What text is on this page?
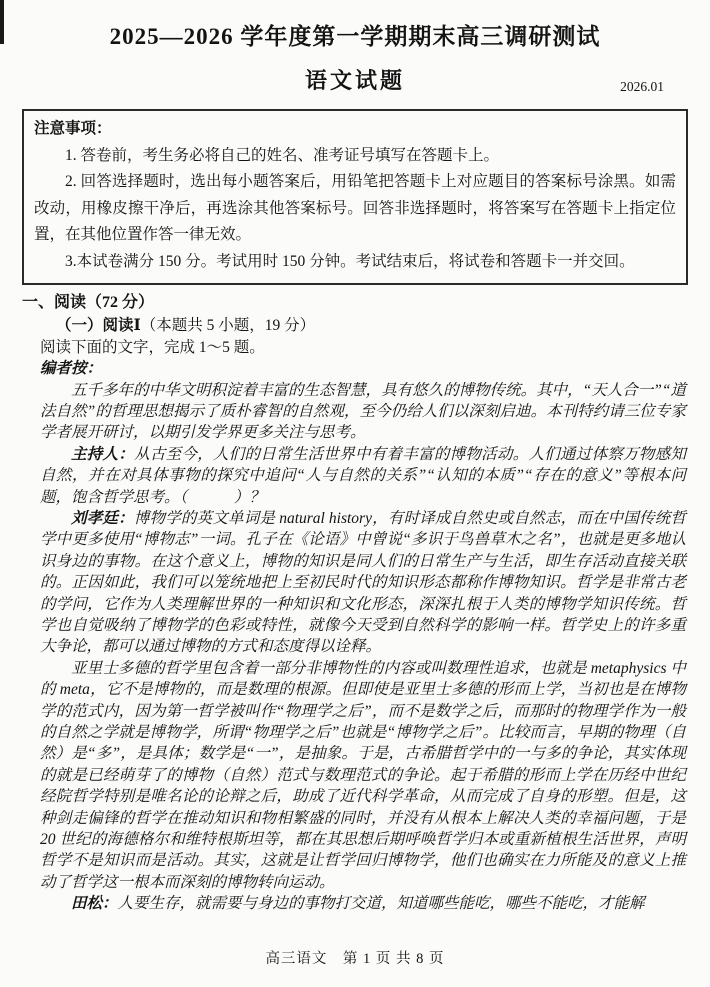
2025—2026 学年度第一学期期末高三调研测试
语文试题	2026.01
注意事项：

1. 答卷前，考生务必将自己的姓名、准考证号填写在答题卡上。

2. 回答选择题时，选出每小题答案后，用铅笔把答题卡上对应题目的答案标号涂黑。如需改动，用橡皮擦干净后，再选涂其他答案标号。回答非选择题时，将答案写在答题卡上指定位置，在其他位置作答一律无效。

3.本试卷满分 150 分。考试用时 150 分钟。考试结束后，将试卷和答题卡一并交回。

一、阅读（72 分）
（一）阅读Ⅰ（本题共 5 小题，19 分）
阅读下面的文字，完成 1～5 题。
编者按：

五千多年的中华文明积淀着丰富的生态智慧，具有悠久的博物传统。其中，“天人合一”“道法自然”的哲理思想揭示了质朴睿智的自然观，至今仍给人们以深刻启迪。本刊特约请三位专家学者展开研讨，以期引发学界更多关注与思考。

主持人：从古至今，人们的日常生活世界中有着丰富的博物活动。人们通过体察万物感知自然，并在对具体事物的探究中追问“人与自然的关系”“认知的本质”“存在的意义”等根本问题，饱含哲学思考。（　　　）？

刘孝廷：博物学的英文单词是 natural history，有时译成自然史或自然志，而在中国传统哲学中更多使用“博物志”一词。孔子在《论语》中曾说“多识于鸟兽草木之名”，也就是更多地认识身边的事物。在这个意义上，博物的知识是同人们的日常生产与生活，即生存活动直接关联的。正因如此，我们可以笼统地把上至初民时代的知识形态都称作博物知识。哲学是非常古老的学问，它作为人类理解世界的一种知识和文化形态，深深扎根于人类的博物学知识传统。哲学也自觉吸纳了博物学的色彩或特性，就像今天受到自然科学的影响一样。哲学史上的许多重大争论，都可以通过博物的方式和态度得以诠释。

亚里士多德的哲学里包含着一部分非博物性的内容或叫数理性追求，也就是 metaphysics 中的 meta，它不是博物的，而是数理的根源。但即使是亚里士多德的形而上学，当初也是在博物学的范式内，因为第一哲学被叫作“物理学之后”，而不是数学之后，而那时的物理学作为一般的自然之学就是博物学，所谓“物理学之后”也就是“博物学之后”。比较而言，早期的物理（自然）是“多”，是具体；数学是“一”，是抽象。于是，古希腊哲学中的一与多的争论，其实体现的就是已经萌芽了的博物（自然）范式与数理范式的争论。起于希腊的形而上学在历经中世纪经院哲学特别是唯名论的论辩之后，助成了近代科学革命，从而完成了自身的形塑。但是，这种剑走偏锋的哲学在推动知识和物相繁盛的同时，并没有从根本上解决人类的幸福问题，于是 20 世纪的海德格尔和维特根斯坦等，都在其思想后期呼唤哲学归本或重新植根生活世界，声明哲学不是知识而是活动。其实，这就是让哲学回归博物学，他们也确实在力所能及的意义上推动了哲学这一根本而深刻的博物转向运动。

田松：人要生存，就需要与身边的事物打交道，知道哪些能吃，哪些不能吃，才能解

高三语文　第 1 页 共 8 页
